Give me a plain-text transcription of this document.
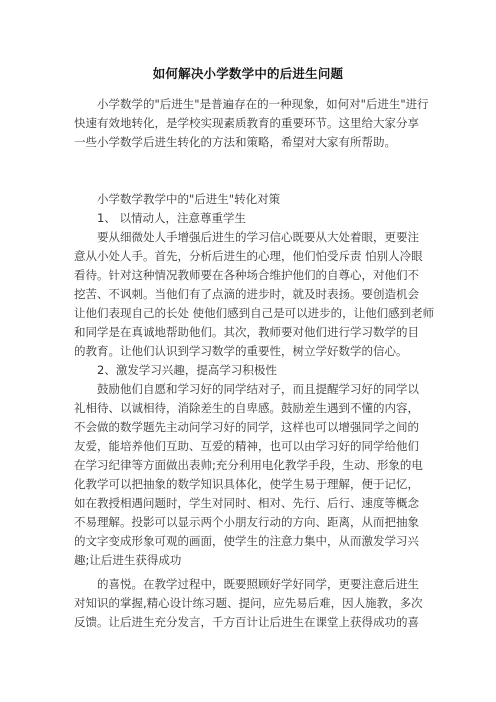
如何解决小学数学中的后进生问题
小学数学的"后进生"是普遍存在的一种现象，如何对"后进生"进行
快速有效地转化，是学校实现素质教育的重要环节。这里给大家分享
一些小学数学后进生转化的方法和策略，希望对大家有所帮助。
小学数学教学中的"后进生"转化对策
1、 以情动人，注意尊重学生
要从细微处人手增强后进生的学习信心既要从大处着眼，更要注
意从小处人手。首先，分析后进生的心理，他们怕受斥责 怕别人冷眼
看待。针对这种情况教师要在各种场合维护他们的自尊心，对他们不
挖苦、不讽刺。当他们有了点滴的进步时，就及时表扬。要创造机会
让他们表现自己的长处 使他们感到自己是可以进步的，让他们感到老师
和同学是在真诚地帮助他们。其次，教师要对他们进行学习数学的目
的教育。让他们认识到学习数学的重要性，树立学好数学的信心。
2、激发学习兴趣，提高学习积极性
鼓励他们自愿和学习好的同学结对子，而且提醒学习好的同学以
礼相待、以诚相待，消除差生的自卑感。鼓励差生遇到不懂的内容，
不会做的数学题先主动问学习好的同学，这样也可以增强同学之间的
友爱，能培养他们互助、互爱的精神，也可以由学习好的同学给他们
在学习纪律等方面做出表帅;充分利用电化教学手段，生动、形象的电
化教学可以把抽象的数学知识具体化，使学生易于理解，便于记忆，
如在教授相遇问题时，学生对同时、相对、先行、后行、速度等概念
不易理解。投影可以显示两个小朋友行动的方向、距离，从而把抽象
的文字变成形象可观的画面，使学生的注意力集中，从而激发学习兴
趣;让后进生获得成功
的喜悦。在教学过程中，既要照顾好学好同学，更要注意后进生
对知识的掌握,精心设计练习题、提问，应先易后难，因人施教，多次
反馈。让后进生充分发言，千方百计让后进生在课堂上获得成功的喜
